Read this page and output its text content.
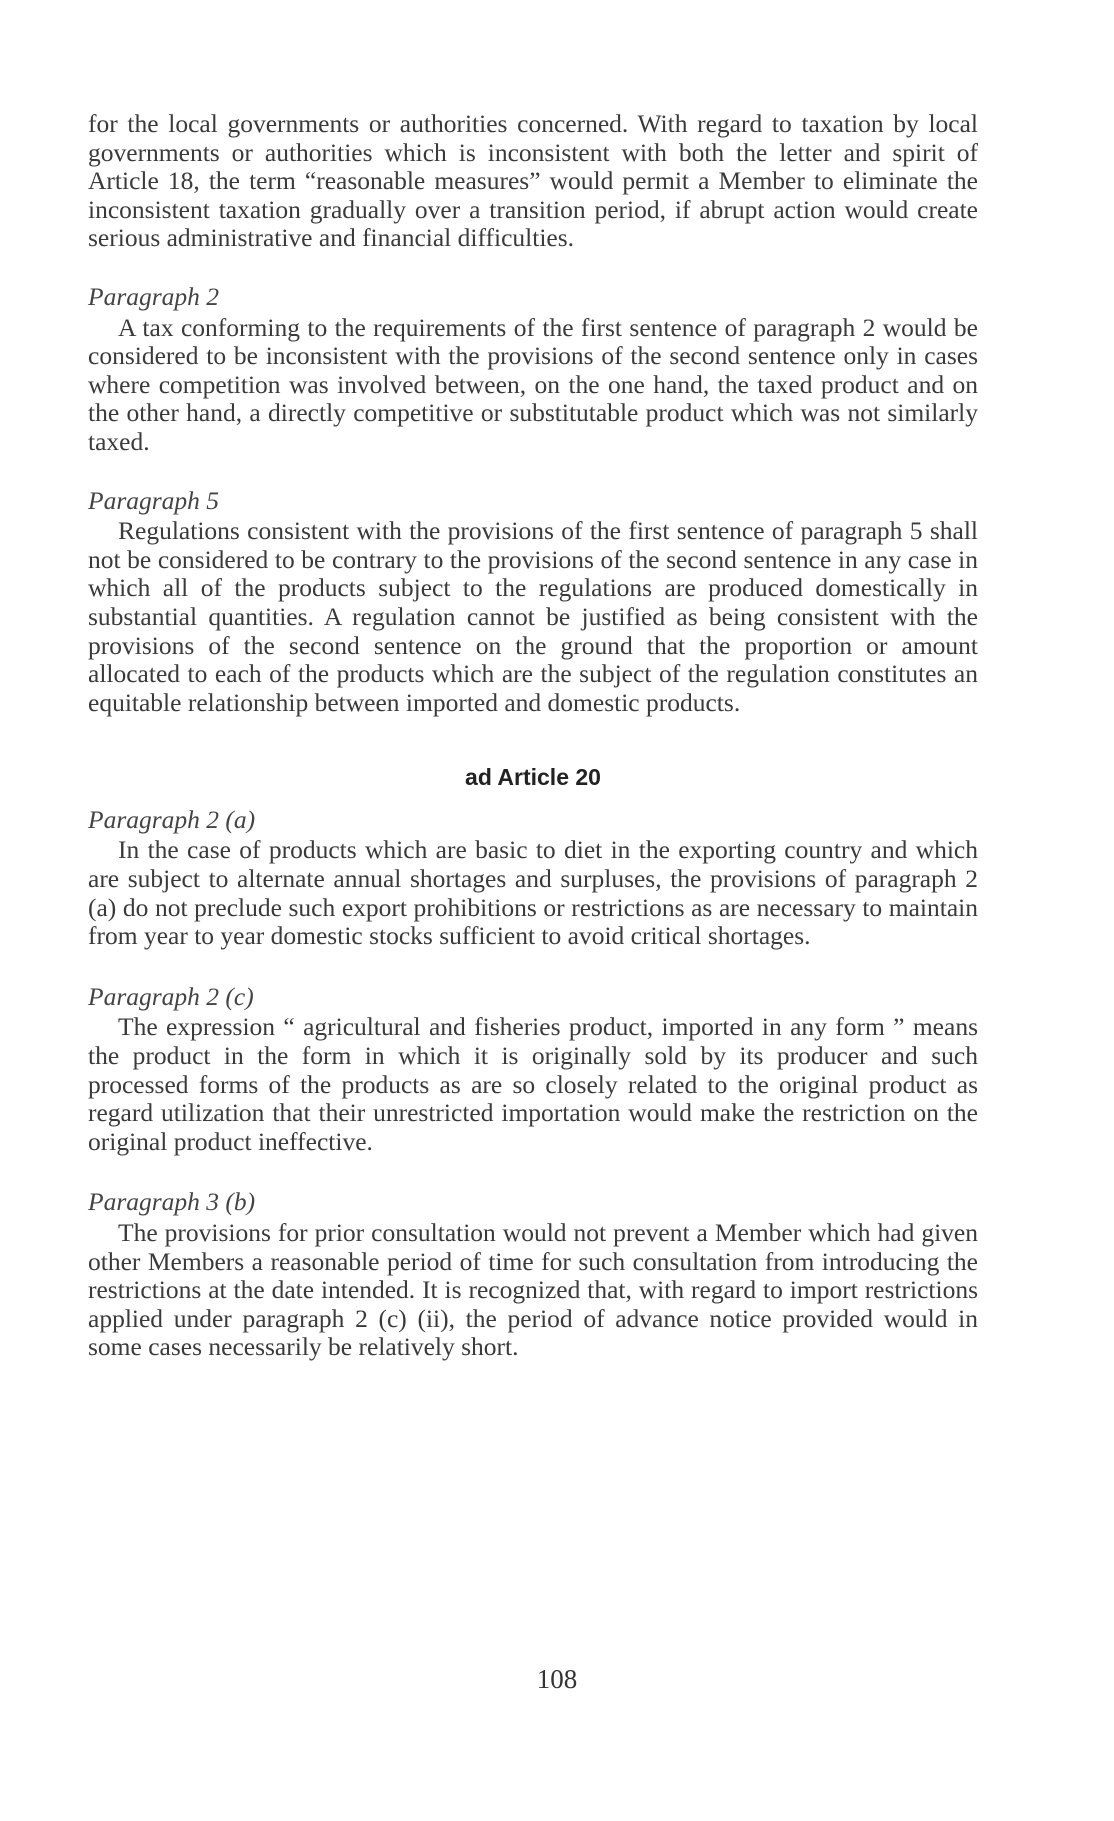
for the local governments or authorities concerned. With regard to taxation by local governments or authorities which is inconsistent with both the letter and spirit of Article 18, the term “reasonable measures” would permit a Member to eliminate the inconsistent taxation gradually over a transition period, if abrupt action would create serious administrative and financial difficulties.

Paragraph 2

A tax conforming to the requirements of the first sentence of paragraph 2 would be considered to be inconsistent with the provisions of the second sentence only in cases where competition was involved between, on the one hand, the taxed product and on the other hand, a directly competitive or substitutable product which was not similarly taxed.

Paragraph 5

Regulations consistent with the provisions of the first sentence of paragraph 5 shall not be considered to be contrary to the provisions of the second sentence in any case in which all of the products subject to the regulations are produced domestically in substantial quantities. A regulation cannot be justified as being consistent with the provisions of the second sentence on the ground that the proportion or amount allocated to each of the products which are the subject of the regulation constitutes an equitable relationship between imported and domestic products.

ad Article 20
Paragraph 2 (a)

In the case of products which are basic to diet in the exporting country and which are subject to alternate annual shortages and surpluses, the provisions of paragraph 2 (a) do not preclude such export prohibitions or restrictions as are necessary to maintain from year to year domestic stocks sufficient to avoid critical shortages.

Paragraph 2 (c)

The expression “ agricultural and fisheries product, imported in any form ” means the product in the form in which it is originally sold by its producer and such processed forms of the products as are so closely related to the original product as regard utilization that their unrestricted importation would make the restriction on the original product ineffective.

Paragraph 3 (b)

The provisions for prior consultation would not prevent a Member which had given other Members a reasonable period of time for such consultation from introducing the restrictions at the date intended. It is recognized that, with regard to import restrictions applied under paragraph 2 (c) (ii), the period of advance notice provided would in some cases necessarily be relatively short.

108
